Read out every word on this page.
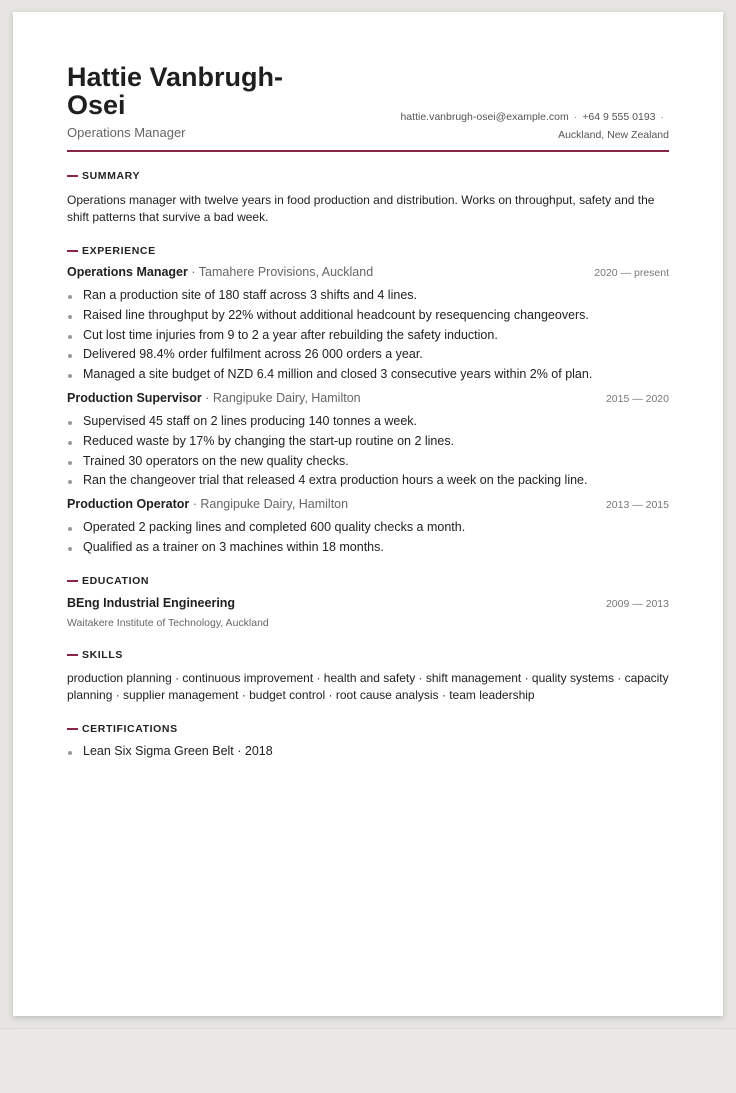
Hattie Vanbrugh-Osei
Operations Manager
hattie.vanbrugh-osei@example.com · +64 9 555 0193 ·
Auckland, New Zealand
SUMMARY
Operations manager with twelve years in food production and distribution. Works on throughput, safety and the shift patterns that survive a bad week.
EXPERIENCE
Operations Manager · Tamahere Provisions, Auckland	2020 — present
Ran a production site of 180 staff across 3 shifts and 4 lines.
Raised line throughput by 22% without additional headcount by resequencing changeovers.
Cut lost time injuries from 9 to 2 a year after rebuilding the safety induction.
Delivered 98.4% order fulfilment across 26 000 orders a year.
Managed a site budget of NZD 6.4 million and closed 3 consecutive years within 2% of plan.
Production Supervisor · Rangipuke Dairy, Hamilton	2015 — 2020
Supervised 45 staff on 2 lines producing 140 tonnes a week.
Reduced waste by 17% by changing the start-up routine on 2 lines.
Trained 30 operators on the new quality checks.
Ran the changeover trial that released 4 extra production hours a week on the packing line.
Production Operator · Rangipuke Dairy, Hamilton	2013 — 2015
Operated 2 packing lines and completed 600 quality checks a month.
Qualified as a trainer on 3 machines within 18 months.
EDUCATION
BEng Industrial Engineering	2009 — 2013
Waitakere Institute of Technology, Auckland
SKILLS
production planning · continuous improvement · health and safety · shift management · quality systems · capacity planning · supplier management · budget control · root cause analysis · team leadership
CERTIFICATIONS
Lean Six Sigma Green Belt · 2018
